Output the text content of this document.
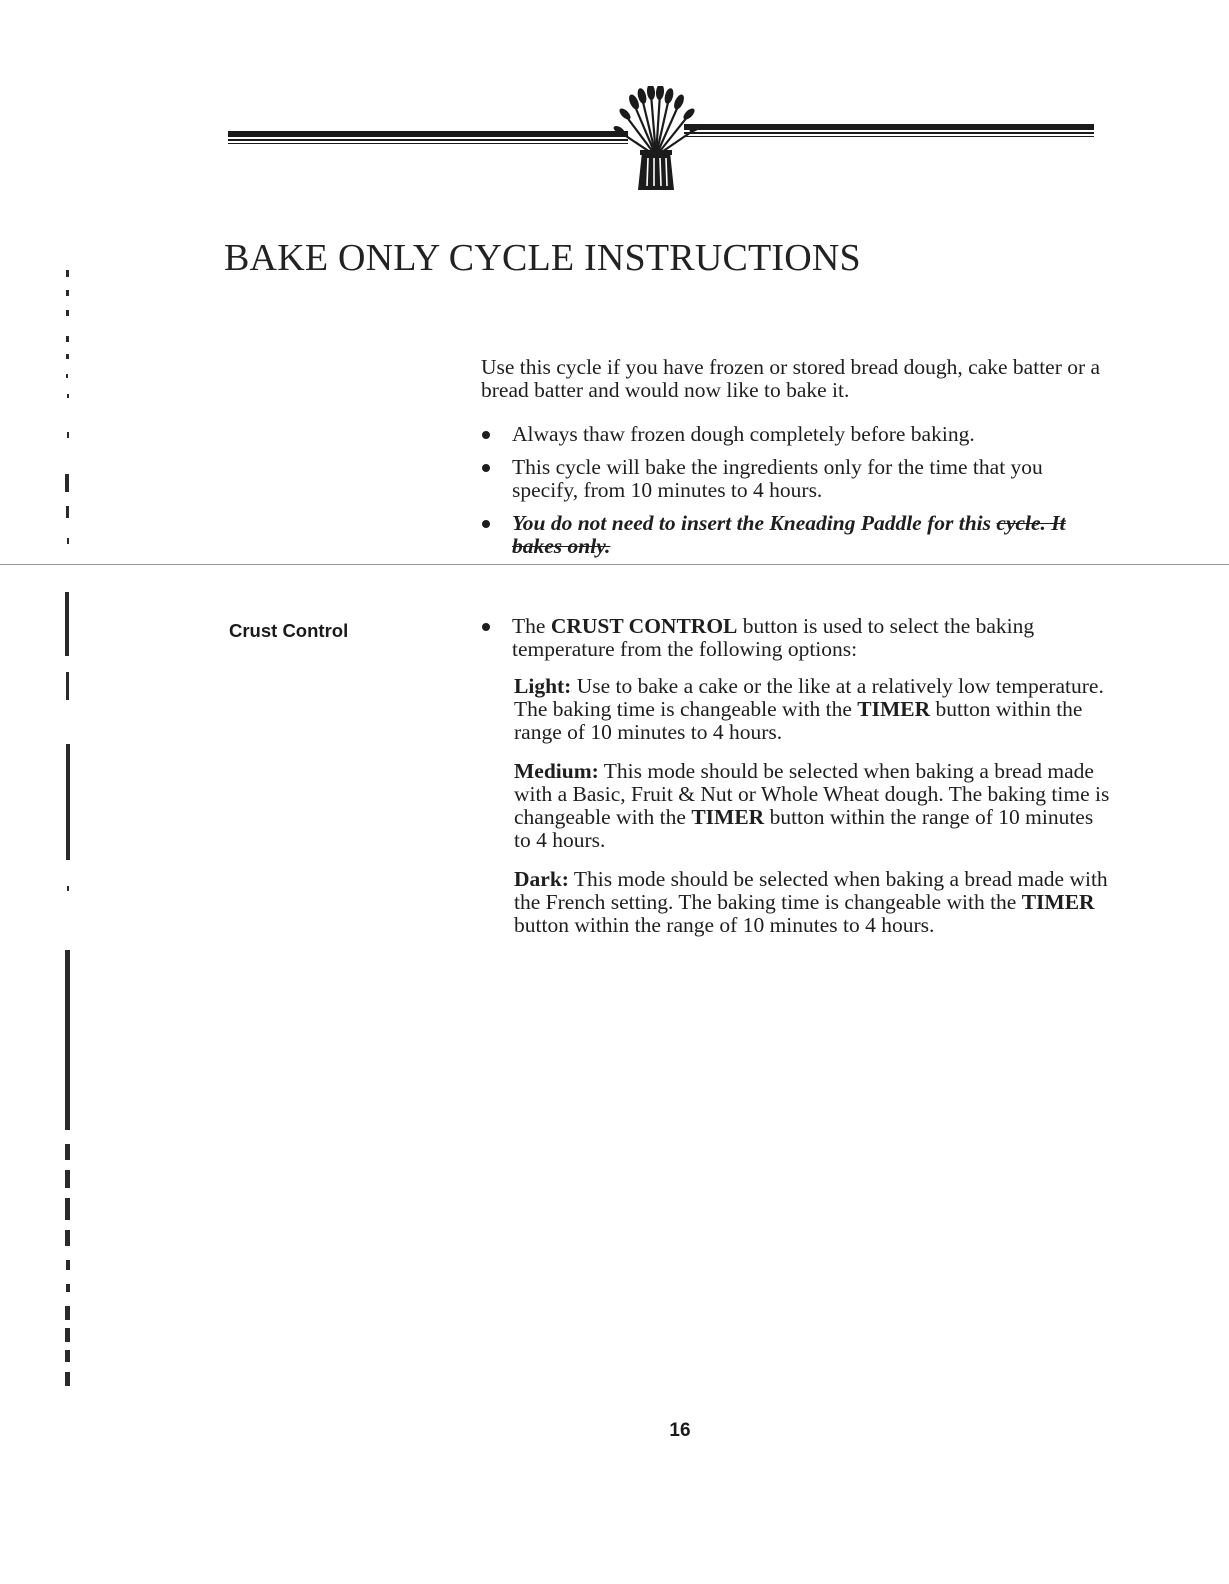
BAKE ONLY CYCLE INSTRUCTIONS

Use this cycle if you have frozen or stored bread dough, cake batter or a bread batter and would now like to bake it.

Always thaw frozen dough completely before baking.
This cycle will bake the ingredients only for the time that you specify, from 10 minutes to 4 hours.
You do not need to insert the Kneading Paddle for this cycle. It bakes only.
Crust Control	The CRUST CONTROL button is used to select the baking temperature from the following options:

Light: Use to bake a cake or the like at a relatively low temperature. The baking time is changeable with the TIMER button within the range of 10 minutes to 4 hours.

Medium: This mode should be selected when baking a bread made with a Basic, Fruit & Nut or Whole Wheat dough. The baking time is changeable with the TIMER button within the range of 10 minutes to 4 hours.

Dark: This mode should be selected when baking a bread made with the French setting. The baking time is changeable with the TIMER button within the range of 10 minutes to 4 hours.

16
